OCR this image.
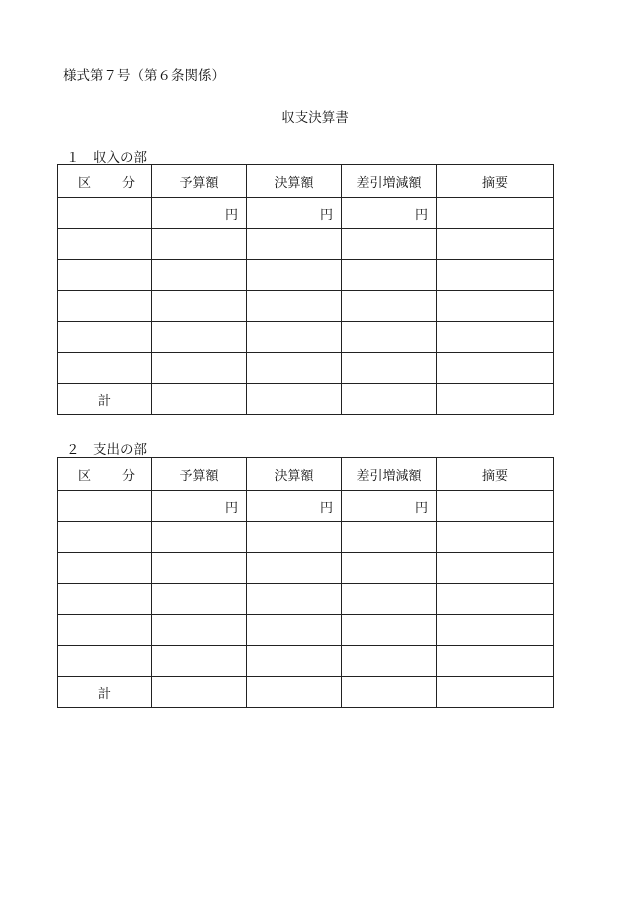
様式第７号（第６条関係）
収支決算書
１　収入の部
区 分	予算額	決算額	差引増減額	摘要
	円	円	円	

計				
２　支出の部
区 分	予算額	決算額	差引増減額	摘要
	円	円	円	

計				
